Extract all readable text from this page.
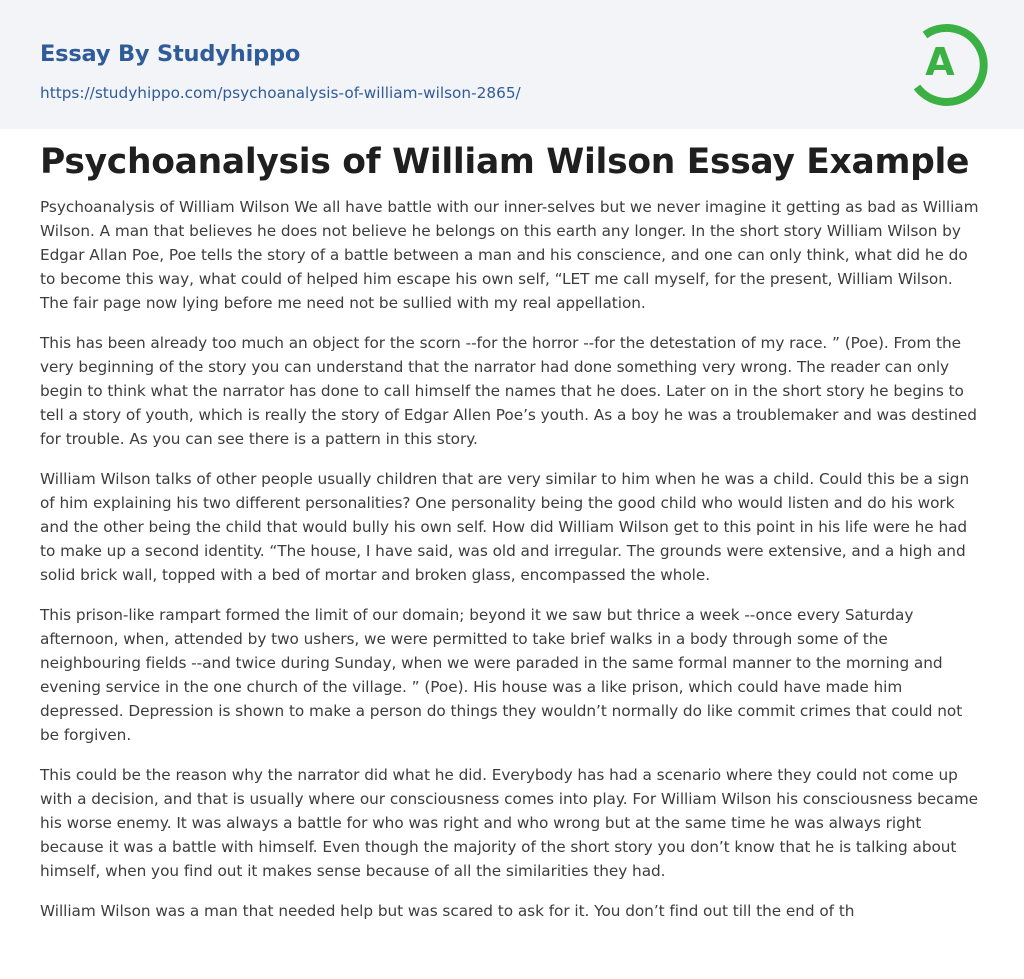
Essay By Studyhippo
https://studyhippo.com/psychoanalysis-of-william-wilson-2865/
A
Psychoanalysis of William Wilson Essay Example

Psychoanalysis of William Wilson We all have battle with our inner-selves but we never imagine it getting as bad as William Wilson. A man that believes he does not believe he belongs on this earth any longer. In the short story William Wilson by Edgar Allan Poe, Poe tells the story of a battle between a man and his conscience, and one can only think, what did he do to become this way, what could of helped him escape his own self, “LET me call myself, for the present, William Wilson. The fair page now lying before me need not be sullied with my real appellation.

This has been already too much an object for the scorn --for the horror --for the detestation of my race. ” (Poe). From the very beginning of the story you can understand that the narrator had done something very wrong. The reader can only begin to think what the narrator has done to call himself the names that he does. Later on in the short story he begins to tell a story of youth, which is really the story of Edgar Allen Poe’s youth. As a boy he was a troublemaker and was destined for trouble. As you can see there is a pattern in this story.

William Wilson talks of other people usually children that are very similar to him when he was a child. Could this be a sign of him explaining his two different personalities? One personality being the good child who would listen and do his work and the other being the child that would bully his own self. How did William Wilson get to this point in his life were he had to make up a second identity. “The house, I have said, was old and irregular. The grounds were extensive, and a high and solid brick wall, topped with a bed of mortar and broken glass, encompassed the whole.

This prison-like rampart formed the limit of our domain; beyond it we saw but thrice a week --once every Saturday afternoon, when, attended by two ushers, we were permitted to take brief walks in a body through some of the neighbouring fields --and twice during Sunday, when we were paraded in the same formal manner to the morning and evening service in the one church of the village. ” (Poe). His house was a like prison, which could have made him depressed. Depression is shown to make a person do things they wouldn’t normally do like commit crimes that could not be forgiven.

This could be the reason why the narrator did what he did. Everybody has had a scenario where they could not come up with a decision, and that is usually where our consciousness comes into play. For William Wilson his consciousness became his worse enemy. It was always a battle for who was right and who wrong but at the same time he was always right because it was a battle with himself. Even though the majority of the short story you don’t know that he is talking about himself, when you find out it makes sense because of all the similarities they had.

William Wilson was a man that needed help but was scared to ask for it. You don’t find out till the end of th
